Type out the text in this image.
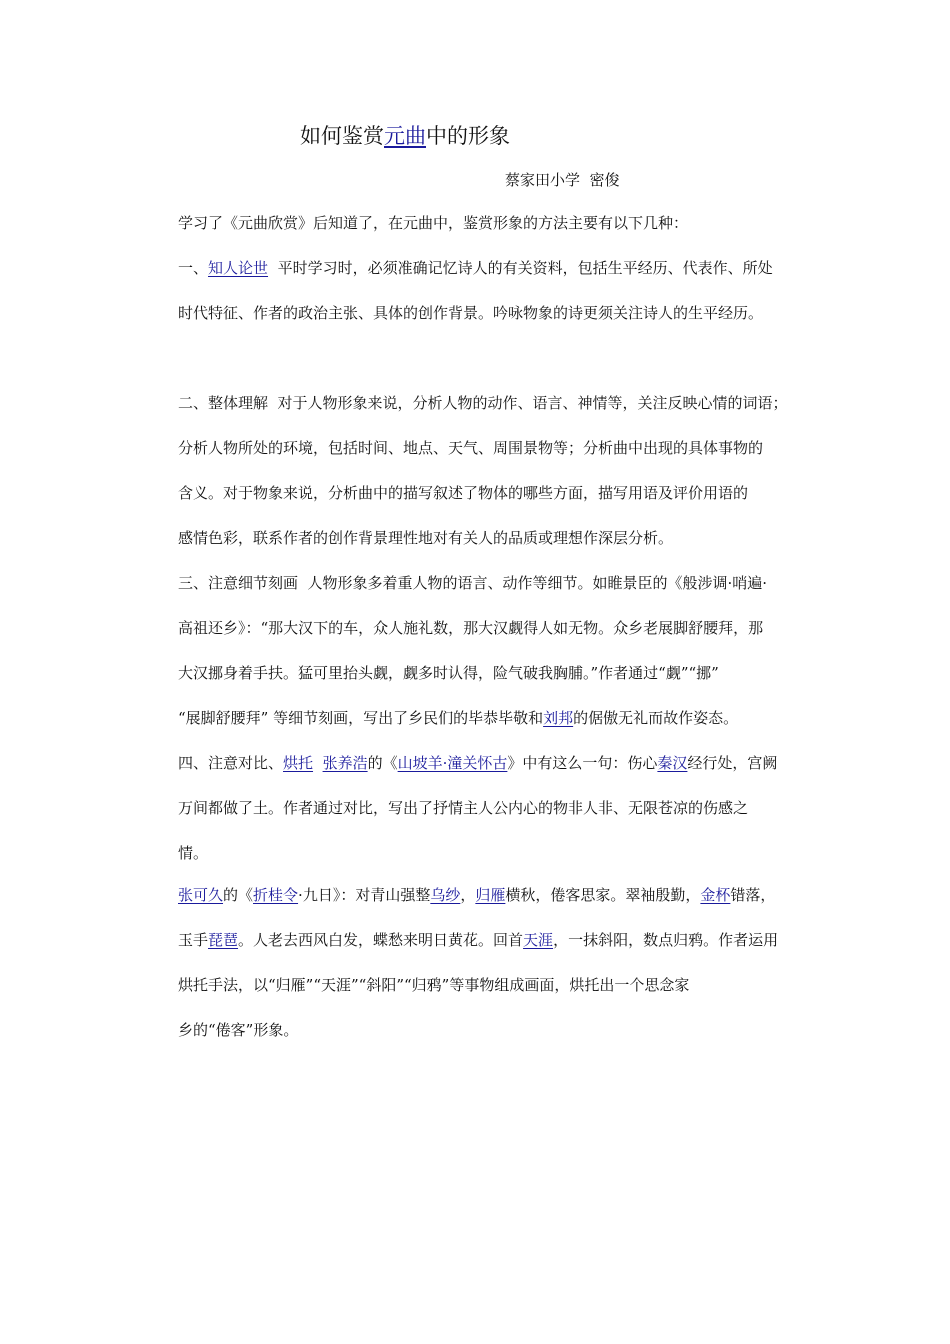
如何鉴赏元曲中的形象
蔡家田小学  密俊
学习了《元曲欣赏》后知道了，在元曲中，鉴赏形象的方法主要有以下几种：
一、知人论世  平时学习时，必须准确记忆诗人的有关资料，包括生平经历、代表作、所处
时代特征、作者的政治主张、具体的创作背景。吟咏物象的诗更须关注诗人的生平经历。
二、整体理解  对于人物形象来说，分析人物的动作、语言、神情等，关注反映心情的词语；
分析人物所处的环境，包括时间、地点、天气、周围景物等；分析曲中出现的具体事物的
含义。对于物象来说，分析曲中的描写叙述了物体的哪些方面，描写用语及评价用语的
感情色彩，联系作者的创作背景理性地对有关人的品质或理想作深层分析。
三、注意细节刻画  人物形象多着重人物的语言、动作等细节。如睢景臣的《般涉调·哨遍·
高祖还乡》：“那大汉下的车，众人施礼数，那大汉觑得人如无物。众乡老展脚舒腰拜，那
大汉挪身着手扶。猛可里抬头觑，觑多时认得，险气破我胸脯。”作者通过“觑”“挪”
“展脚舒腰拜” 等细节刻画，写出了乡民们的毕恭毕敬和刘邦的倨傲无礼而故作姿态。
四、注意对比、烘托 张养浩的《山坡羊·潼关怀古》中有这么一句：伤心秦汉经行处，宫阙
万间都做了土。作者通过对比，写出了抒情主人公内心的物非人非、无限苍凉的伤感之
情。
张可久的《折桂令·九日》：对青山强整乌纱，归雁横秋，倦客思家。翠袖殷勤，金杯错落，
玉手琵琶。人老去西风白发，蝶愁来明日黄花。回首天涯，一抹斜阳，数点归鸦。作者运用
烘托手法，以“归雁”“天涯”“斜阳”“归鸦”等事物组成画面，烘托出一个思念家
乡的“倦客”形象。
